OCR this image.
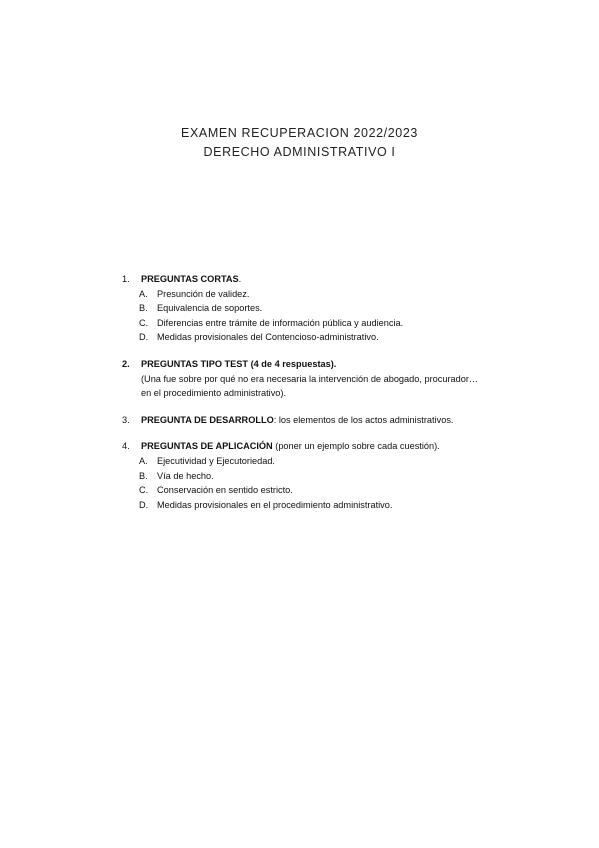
EXAMEN RECUPERACION 2022/2023
DERECHO ADMINISTRATIVO I
1. PREGUNTAS CORTAS.
A. Presunción de validez.
B. Equivalencia de soportes.
C. Diferencias entre trámite de información pública y audiencia.
D. Medidas provisionales del Contencioso-administrativo.
2. PREGUNTAS TIPO TEST (4 de 4 respuestas).
(Una fue sobre por qué no era necesaria la intervención de abogado, procurador…
en el procedimiento administrativo).
3. PREGUNTA DE DESARROLLO: los elementos de los actos administrativos.
4. PREGUNTAS DE APLICACIÓN (poner un ejemplo sobre cada cuestión).
A. Ejecutividad y Ejecutoriedad.
B. Vía de hecho.
C. Conservación en sentido estricto.
D. Medidas provisionales en el procedimiento administrativo.
